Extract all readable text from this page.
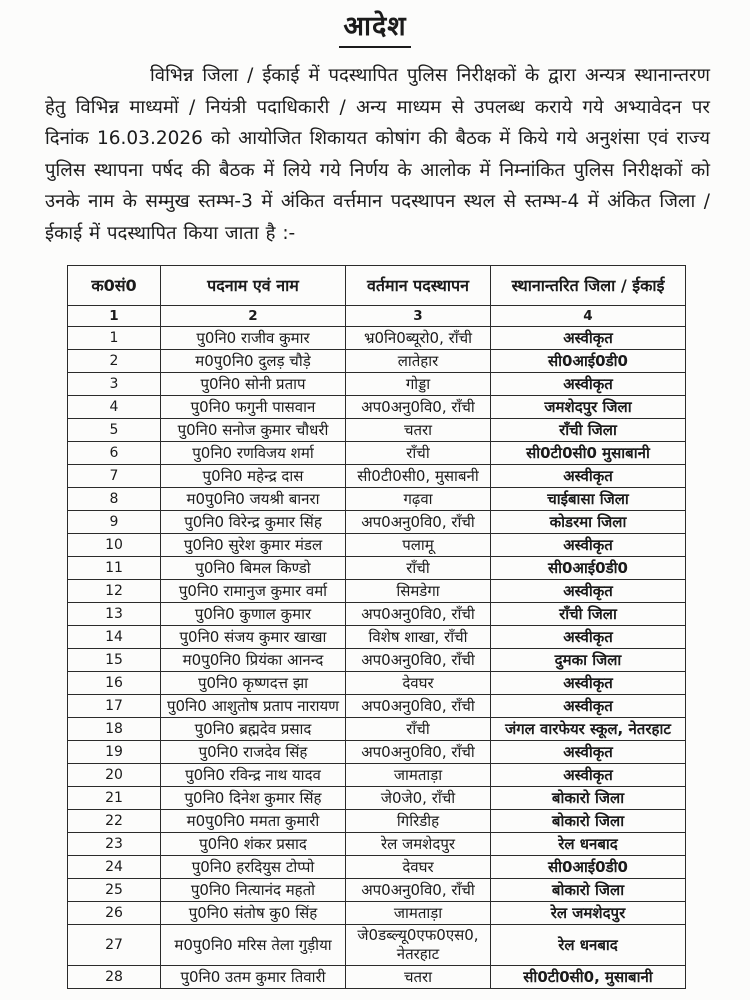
आदेश

विभिन्न जिला / ईकाई में पदस्थापित पुलिस निरीक्षकों के द्वारा अन्यत्र स्थानान्तरण हेतु विभिन्न माध्यमों / नियंत्री पदाधिकारी / अन्य माध्यम से उपलब्ध कराये गये अभ्यावेदन पर दिनांक 16.03.2026 को आयोजित शिकायत कोषांग की बैठक में किये गये अनुशंसा एवं राज्य पुलिस स्थापना पर्षद की बैठक में लिये गये निर्णय के आलोक में निम्नांकित पुलिस निरीक्षकों को उनके नाम के सम्मुख स्तम्भ-3 में अंकित वर्त्तमान पदस्थापन स्थल से स्तम्भ-4 में अंकित जिला / ईकाई में पदस्थापित किया जाता है :-

क0सं0	पदनाम एवं नाम	वर्तमान पदस्थापन	स्थानान्तरित जिला / ईकाई
1	2	3	4
1	पु0नि0 राजीव कुमार	भ्र0नि0ब्यूरो0, राँची	अस्वीकृत
2	म0पु0नि0 दुलड़ चौड़े	लातेहार	सी0आई0डी0
3	पु0नि0 सोनी प्रताप	गोड्डा	अस्वीकृत
4	पु0नि0 फगुनी पासवान	अप0अनु0वि0, राँची	जमशेदपुर जिला
5	पु0नि0 सनोज कुमार चौधरी	चतरा	राँची जिला
6	पु0नि0 रणविजय शर्मा	राँची	सी0टी0सी0 मुसाबानी
7	पु0नि0 महेन्द्र दास	सी0टी0सी0, मुसाबनी	अस्वीकृत
8	म0पु0नि0 जयश्री बानरा	गढ़वा	चाईबासा जिला
9	पु0नि0 विरेन्द्र कुमार सिंह	अप0अनु0वि0, राँची	कोडरमा जिला
10	पु0नि0 सुरेश कुमार मंडल	पलामू	अस्वीकृत
11	पु0नि0 बिमल किण्डो	राँची	सी0आई0डी0
12	पु0नि0 रामानुज कुमार वर्मा	सिमडेगा	अस्वीकृत
13	पु0नि0 कुणाल कुमार	अप0अनु0वि0, राँची	राँची जिला
14	पु0नि0 संजय कुमार खाखा	विशेष शाखा, राँची	अस्वीकृत
15	म0पु0नि0 प्रियंका आनन्द	अप0अनु0वि0, राँची	दुमका जिला
16	पु0नि0 कृष्णदत्त झा	देवघर	अस्वीकृत
17	पु0नि0 आशुतोष प्रताप नारायण	अप0अनु0वि0, राँची	अस्वीकृत
18	पु0नि0 ब्रह्मदेव प्रसाद	राँची	जंगल वारफेयर स्कूल, नेतरहाट
19	पु0नि0 राजदेव सिंह	अप0अनु0वि0, राँची	अस्वीकृत
20	पु0नि0 रविन्द्र नाथ यादव	जामताड़ा	अस्वीकृत
21	पु0नि0 दिनेश कुमार सिंह	जे0जे0, राँची	बोकारो जिला
22	म0पु0नि0 ममता कुमारी	गिरिडीह	बोकारो जिला
23	पु0नि0 शंकर प्रसाद	रेल जमशेदपुर	रेल धनबाद
24	पु0नि0 हरदियुस टोप्पो	देवघर	सी0आई0डी0
25	पु0नि0 नित्यानंद महतो	अप0अनु0वि0, राँची	बोकारो जिला
26	पु0नि0 संतोष कु0 सिंह	जामताड़ा	रेल जमशेदपुर
27	म0पु0नि0 मरिस तेला गुड़ीया	जे0डब्ल्यू0एफ0एस0, नेतरहाट	रेल धनबाद
28	पु0नि0 उतम कुमार तिवारी	चतरा	सी0टी0सी0, मुसाबानी
